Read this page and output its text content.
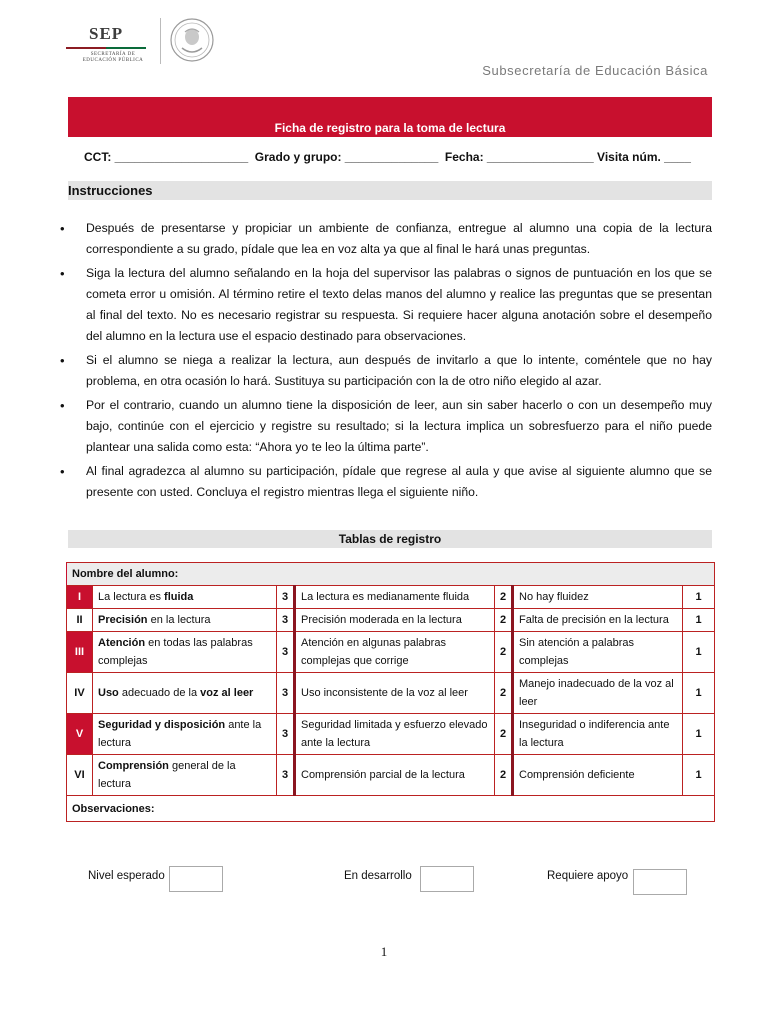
SEP
SECRETARÍA DE EDUCACIÓN PÚBLICA
Subsecretaría de Educación Básica
Ficha de registro para la toma de lectura
CCT: ____________________  Grado y grupo: ______________  Fecha: ________________ Visita núm. ____
Instrucciones
• Después de presentarse y propiciar un ambiente de confianza, entregue al alumno una copia de la lectura correspondiente a su grado, pídale que lea en voz alta ya que al final le hará unas preguntas.
• Siga la lectura del alumno señalando en la hoja del supervisor las palabras o signos de puntuación en los que se cometa error u omisión. Al término retire el texto delas manos del alumno y realice las preguntas que se presentan al final del texto. No es necesario registrar su respuesta. Si requiere hacer alguna anotación sobre el desempeño del alumno en la lectura use el espacio destinado para observaciones.
• Si el alumno se niega a realizar la lectura, aun después de invitarlo a que lo intente, coméntele que no hay problema, en otra ocasión lo hará. Sustituya su participación con la de otro niño elegido al azar.
• Por el contrario, cuando un alumno tiene la disposición de leer, aun sin saber hacerlo o con un desempeño muy bajo, continúe con el ejercicio y registre su resultado; si la lectura implica un sobresfuerzo para el niño puede plantear una salida como esta: “Ahora yo te leo la última parte”.
• Al final agradezca al alumno su participación, pídale que regrese al aula y que avise al siguiente alumno que se presente con usted. Concluya el registro mientras llega el siguiente niño.
Tablas de registro
Nombre del alumno:						
I	La lectura es fluida	3	La lectura es medianamente fluida	2	No hay fluidez	1
II	Precisión en la lectura	3	Precisión moderada en la lectura	2	Falta de precisión en la lectura	1
III	Atención en todas las palabras complejas	3	Atención en algunas palabras complejas que corrige	2	Sin atención a palabras complejas	1
IV	Uso adecuado de la voz al leer	3	Uso inconsistente de la voz al leer	2	Manejo inadecuado de la voz al leer	1
V	Seguridad y disposición ante la lectura	3	Seguridad limitada y esfuerzo elevado ante la lectura	2	Inseguridad o indiferencia ante la lectura	1
VI	Comprensión general de la lectura	3	Comprensión parcial de la lectura	2	Comprensión deficiente	1
Observaciones:						
Nivel esperado	En desarrollo	Requiere apoyo
1
